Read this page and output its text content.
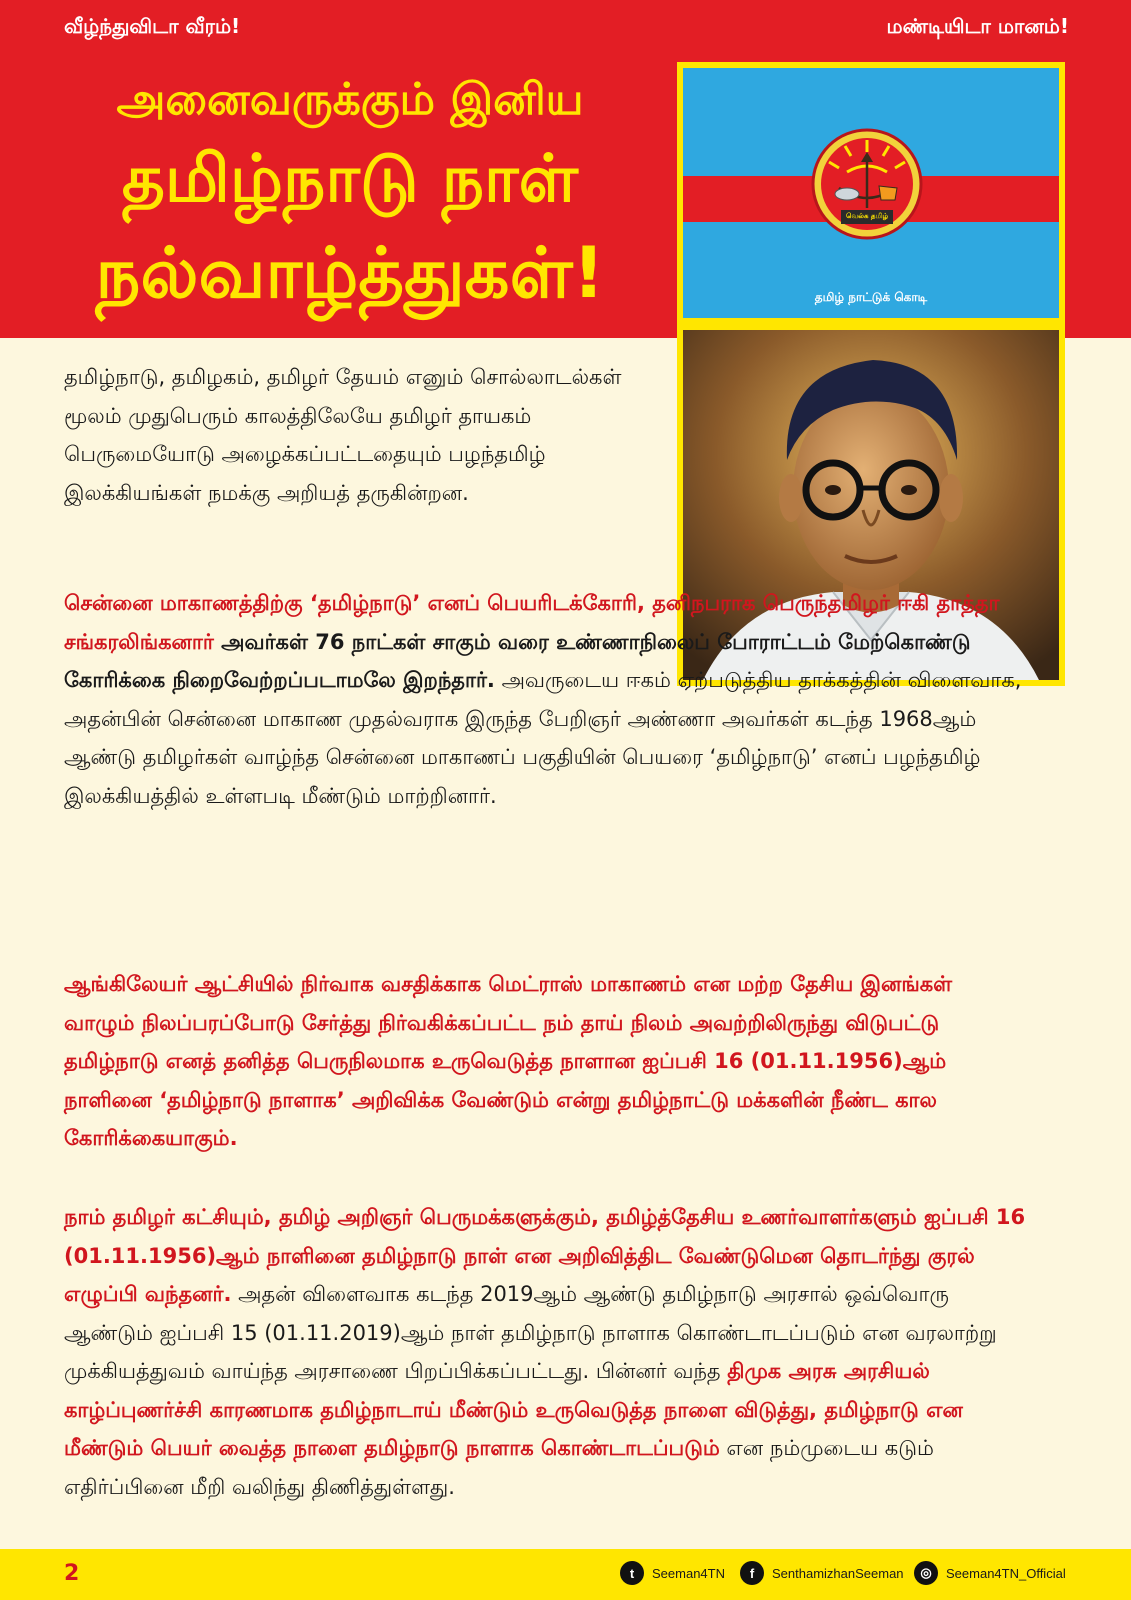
வீழ்ந்துவிடா வீரம்!	மண்டியிடா மானம்!
அனைவருக்கும் இனிய
தமிழ்நாடு நாள்
நல்வாழ்த்துகள்!
வெல்க தமிழ்
தமிழ் நாட்டுக் கொடி

தமிழ்நாடு, தமிழகம், தமிழர் தேயம் எனும் சொல்லாடல்கள் மூலம் முதுபெரும் காலத்திலேயே தமிழர் தாயகம் பெருமையோடு அழைக்கப்பட்டதையும் பழந்தமிழ் இலக்கியங்கள் நமக்கு அறியத் தருகின்றன.

சென்னை மாகாணத்திற்கு ‘தமிழ்நாடு’ எனப் பெயரிடக்கோரி, தனிநபராக பெருந்தமிழர் ஈகி தாத்தா சங்கரலிங்கனார் அவர்கள் 76 நாட்கள் சாகும் வரை உண்ணாநிலைப் போராட்டம் மேற்கொண்டு கோரிக்கை நிறைவேற்றப்படாமலே இறந்தார். அவருடைய ஈகம் ஏற்படுத்திய தாக்கத்தின் விளைவாக, அதன்பின் சென்னை மாகாண முதல்வராக இருந்த பேறிஞர் அண்ணா அவர்கள் கடந்த 1968ஆம் ஆண்டு தமிழர்கள் வாழ்ந்த சென்னை மாகாணப் பகுதியின் பெயரை ‘தமிழ்நாடு’ எனப் பழந்தமிழ் இலக்கியத்தில் உள்ளபடி மீண்டும் மாற்றினார்.

ஆங்கிலேயர் ஆட்சியில் நிர்வாக வசதிக்காக மெட்ராஸ் மாகாணம் என மற்ற தேசிய இனங்கள் வாழும் நிலப்பரப்போடு சேர்த்து நிர்வகிக்கப்பட்ட நம் தாய் நிலம் அவற்றிலிருந்து விடுபட்டு தமிழ்நாடு எனத் தனித்த பெருநிலமாக உருவெடுத்த நாளான ஐப்பசி 16 (01.11.1956)ஆம் நாளினை ‘தமிழ்நாடு நாளாக’ அறிவிக்க வேண்டும் என்று தமிழ்நாட்டு மக்களின் நீண்ட கால கோரிக்கையாகும்.

நாம் தமிழர் கட்சியும், தமிழ் அறிஞர் பெருமக்களுக்கும், தமிழ்த்தேசிய உணர்வாளர்களும் ஐப்பசி 16 (01.11.1956)ஆம் நாளினை தமிழ்நாடு நாள் என அறிவித்திட வேண்டுமென தொடர்ந்து குரல் எழுப்பி வந்தனர். அதன் விளைவாக கடந்த 2019ஆம் ஆண்டு தமிழ்நாடு அரசால் ஒவ்வொரு ஆண்டும் ஐப்பசி 15 (01.11.2019)ஆம் நாள் தமிழ்நாடு நாளாக கொண்டாடப்படும் என வரலாற்று முக்கியத்துவம் வாய்ந்த அரசாணை பிறப்பிக்கப்பட்டது. பின்னர் வந்த திமுக அரசு அரசியல் காழ்ப்புணர்ச்சி காரணமாக தமிழ்நாடாய் மீண்டும் உருவெடுத்த நாளை விடுத்து, தமிழ்நாடு என மீண்டும் பெயர் வைத்த நாளை தமிழ்நாடு நாளாக கொண்டாடப்படும் என நம்முடைய கடும் எதிர்ப்பினை மீறி வலிந்து திணித்துள்ளது.

2	t	Seeman4TN	f	SenthamizhanSeeman	◎	Seeman4TN_Official
